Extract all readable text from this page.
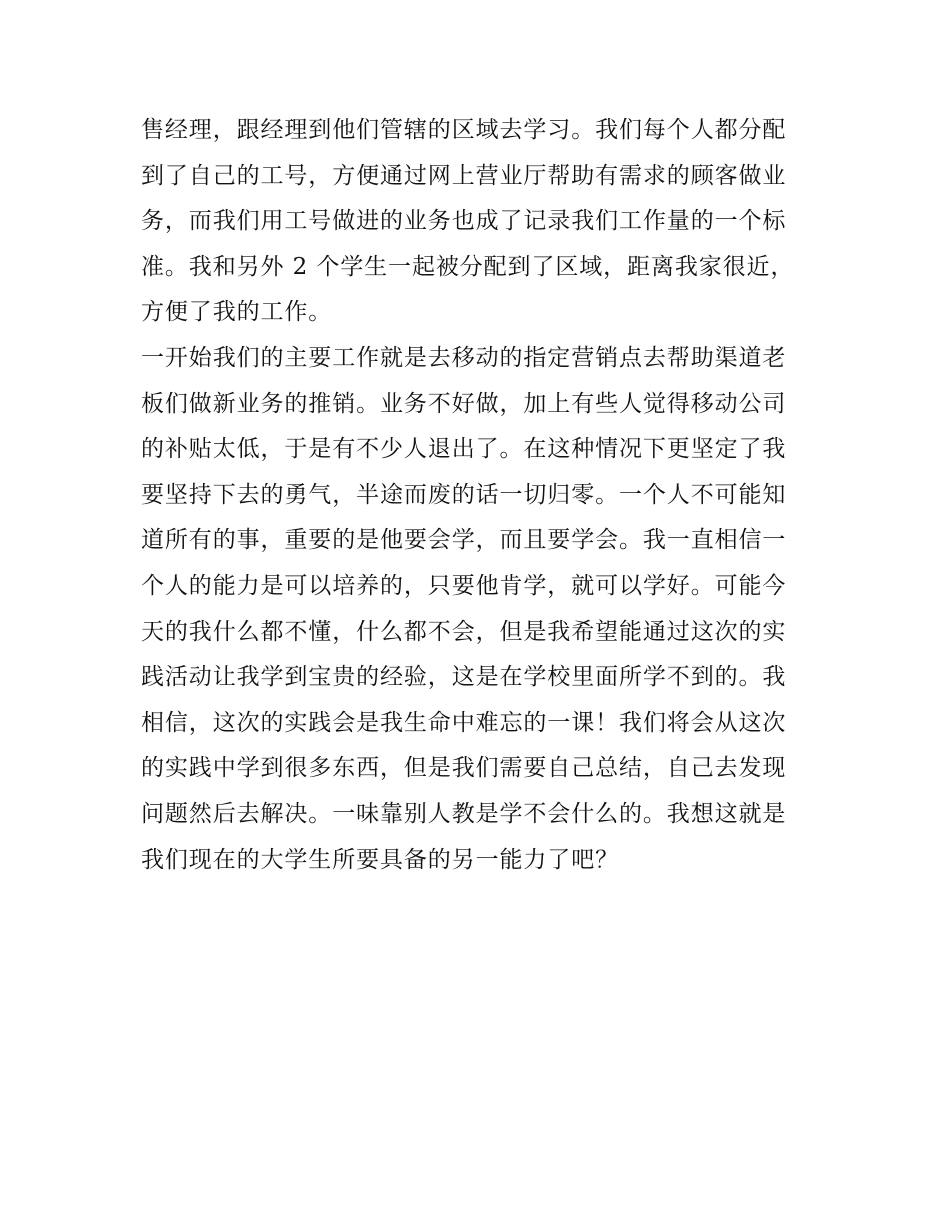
售经理，跟经理到他们管辖的区域去学习。我们每个人都分配
到了自己的工号，方便通过网上营业厅帮助有需求的顾客做业
务，而我们用工号做进的业务也成了记录我们工作量的一个标
准。我和另外 2 个学生一起被分配到了区域，距离我家很近，
方便了我的工作。
一开始我们的主要工作就是去移动的指定营销点去帮助渠道老
板们做新业务的推销。业务不好做，加上有些人觉得移动公司
的补贴太低，于是有不少人退出了。在这种情况下更坚定了我
要坚持下去的勇气，半途而废的话一切归零。一个人不可能知
道所有的事，重要的是他要会学，而且要学会。我一直相信一
个人的能力是可以培养的，只要他肯学，就可以学好。可能今
天的我什么都不懂，什么都不会，但是我希望能通过这次的实
践活动让我学到宝贵的经验，这是在学校里面所学不到的。我
相信，这次的实践会是我生命中难忘的一课！我们将会从这次
的实践中学到很多东西，但是我们需要自己总结，自己去发现
问题然后去解决。一味靠别人教是学不会什么的。我想这就是
我们现在的大学生所要具备的另一能力了吧？
